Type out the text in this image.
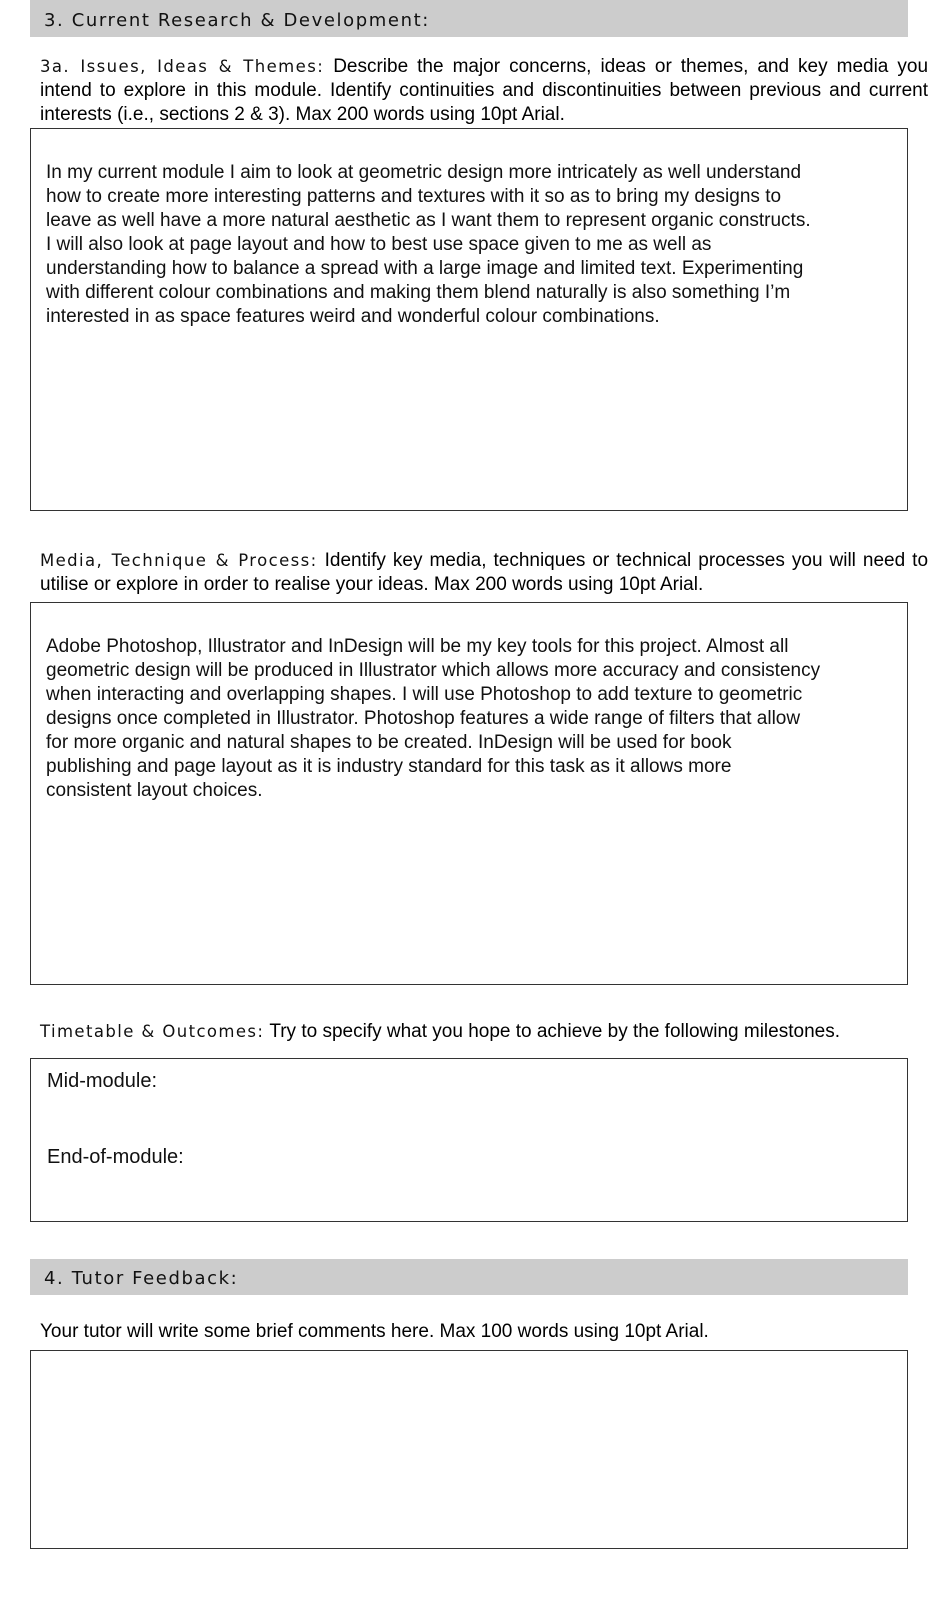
3. Current Research & Development:
3a. Issues, Ideas & Themes: Describe the major concerns, ideas or themes, and key media you intend to explore in this module. Identify continuities and discontinuities between previous and current interests (i.e., sections 2 & 3). Max 200 words using 10pt Arial.

In my current module I aim to look at geometric design more intricately as well understand
how to create more interesting patterns and textures with it so as to bring my designs to
leave as well have a more natural aesthetic as I want them to represent organic constructs.
I will also look at page layout and how to best use space given to me as well as
understanding how to balance a spread with a large image and limited text. Experimenting
with different colour combinations and making them blend naturally is also something I’m
interested in as space features weird and wonderful colour combinations.

Media, Technique & Process: Identify key media, techniques or technical processes you will need to utilise or explore in order to realise your ideas. Max 200 words using 10pt Arial.

Adobe Photoshop, Illustrator and InDesign will be my key tools for this project. Almost all
geometric design will be produced in Illustrator which allows more accuracy and consistency
when interacting and overlapping shapes. I will use Photoshop to add texture to geometric
designs once completed in Illustrator. Photoshop features a wide range of filters that allow
for more organic and natural shapes to be created. InDesign will be used for book
publishing and page layout as it is industry standard for this task as it allows more
consistent layout choices.

Timetable & Outcomes: Try to specify what you hope to achieve by the following milestones.

Mid-module:

End-of-module:

4. Tutor Feedback:
Your tutor will write some brief comments here. Max 100 words using 10pt Arial.
